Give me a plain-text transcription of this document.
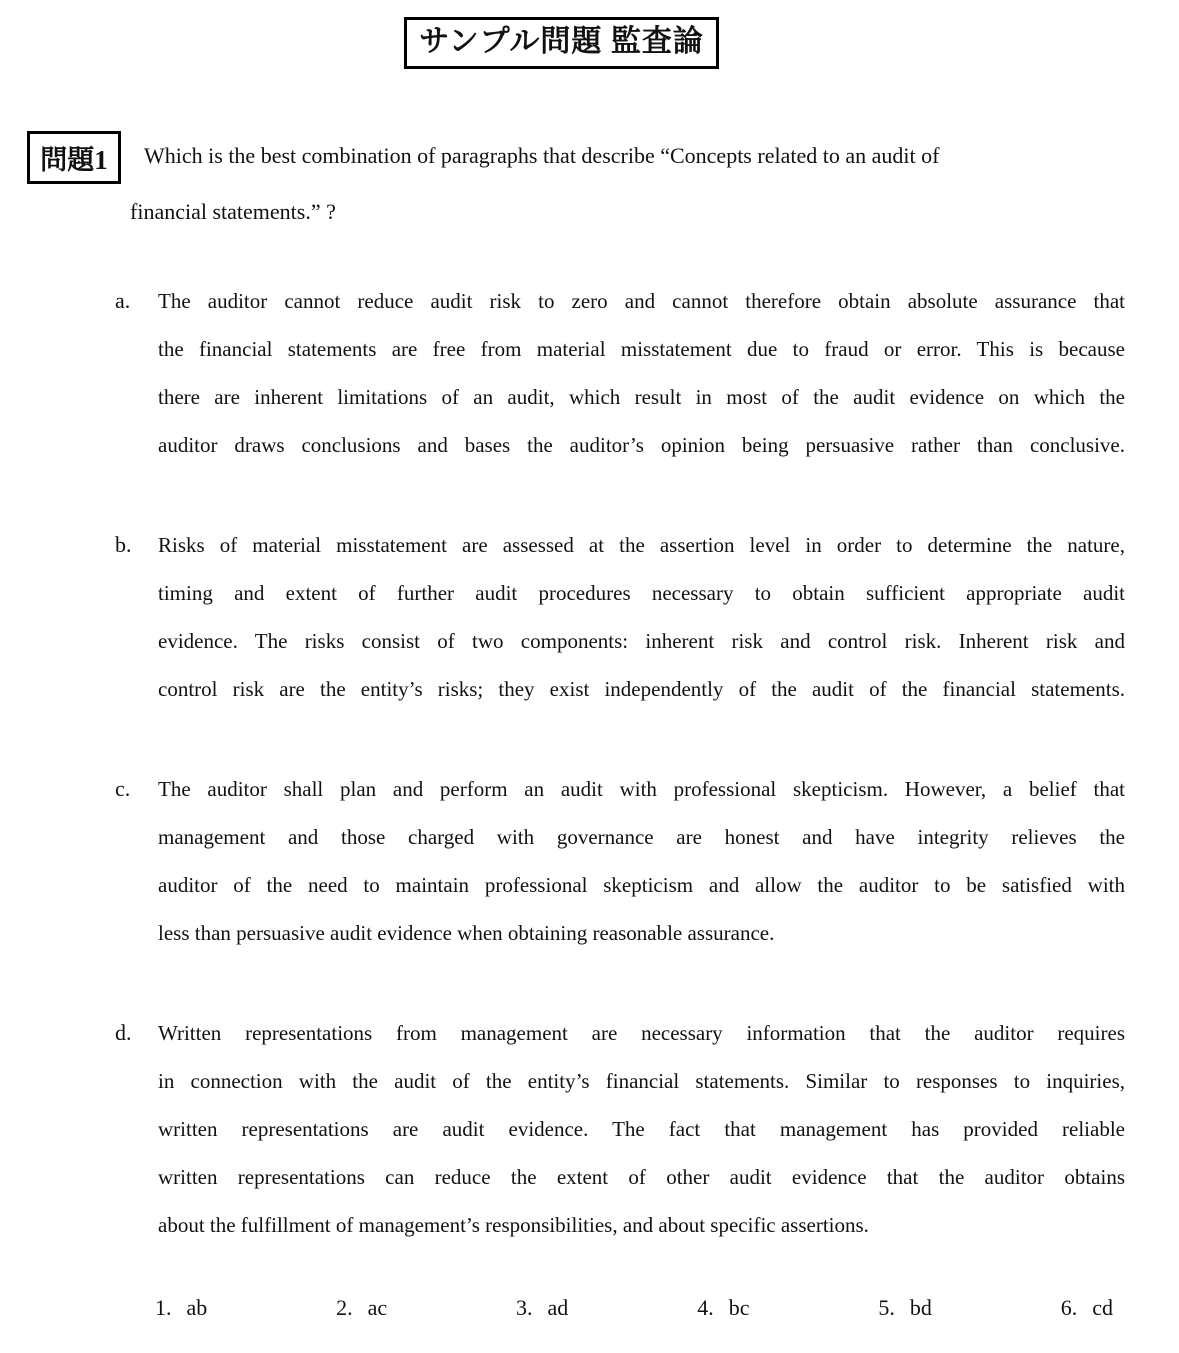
サンプル問題 監査論
問題1	Which is the best combination of paragraphs that describe “Concepts related to an audit of
financial statements.” ?
a.	The auditor cannot reduce audit risk to zero and cannot therefore obtain absolute assurance that
the financial statements are free from material misstatement due to fraud or error. This is because
there are inherent limitations of an audit, which result in most of the audit evidence on which the
auditor draws conclusions and bases the auditor’s opinion being persuasive rather than conclusive.
b.	Risks of material misstatement are assessed at the assertion level in order to determine the nature,
timing and extent of further audit procedures necessary to obtain sufficient appropriate audit
evidence. The risks consist of two components: inherent risk and control risk. Inherent risk and
control risk are the entity’s risks; they exist independently of the audit of the financial statements.
c.	The auditor shall plan and perform an audit with professional skepticism. However, a belief that
management and those charged with governance are honest and have integrity relieves the
auditor of the need to maintain professional skepticism and allow the auditor to be satisfied with
less than persuasive audit evidence when obtaining reasonable assurance.
d.	Written representations from management are necessary information that the auditor requires
in connection with the audit of the entity’s financial statements. Similar to responses to inquiries,
written representations are audit evidence. The fact that management has provided reliable
written representations can reduce the extent of other audit evidence that the auditor obtains
about the fulfillment of management’s responsibilities, and about specific assertions.
1. ab	2. ac	3. ad	4. bc	5. bd	6. cd
